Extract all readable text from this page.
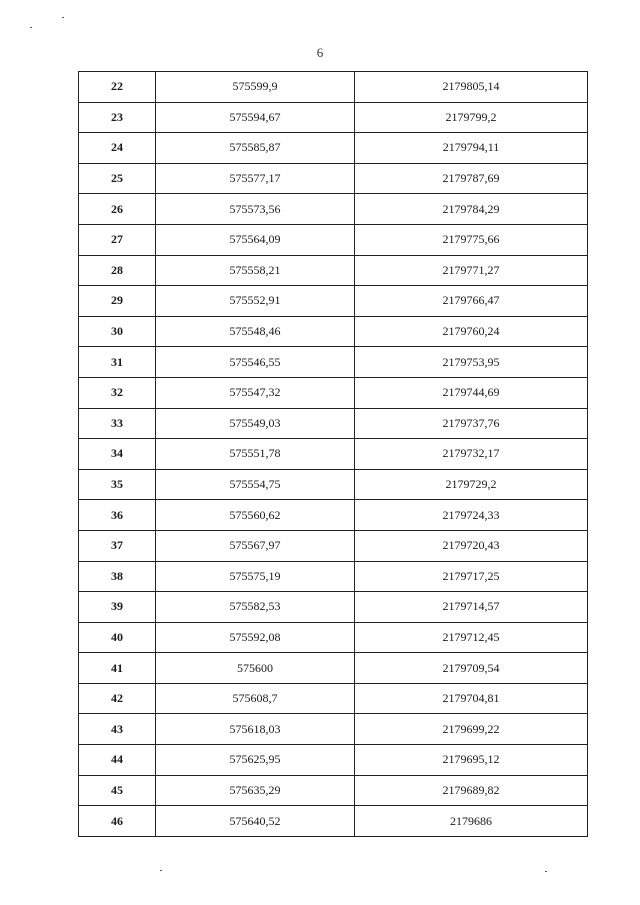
6
22	575599,9	2179805,14
23	575594,67	2179799,2
24	575585,87	2179794,11
25	575577,17	2179787,69
26	575573,56	2179784,29
27	575564,09	2179775,66
28	575558,21	2179771,27
29	575552,91	2179766,47
30	575548,46	2179760,24
31	575546,55	2179753,95
32	575547,32	2179744,69
33	575549,03	2179737,76
34	575551,78	2179732,17
35	575554,75	2179729,2
36	575560,62	2179724,33
37	575567,97	2179720,43
38	575575,19	2179717,25
39	575582,53	2179714,57
40	575592,08	2179712,45
41	575600	2179709,54
42	575608,7	2179704,81
43	575618,03	2179699,22
44	575625,95	2179695,12
45	575635,29	2179689,82
46	575640,52	2179686
